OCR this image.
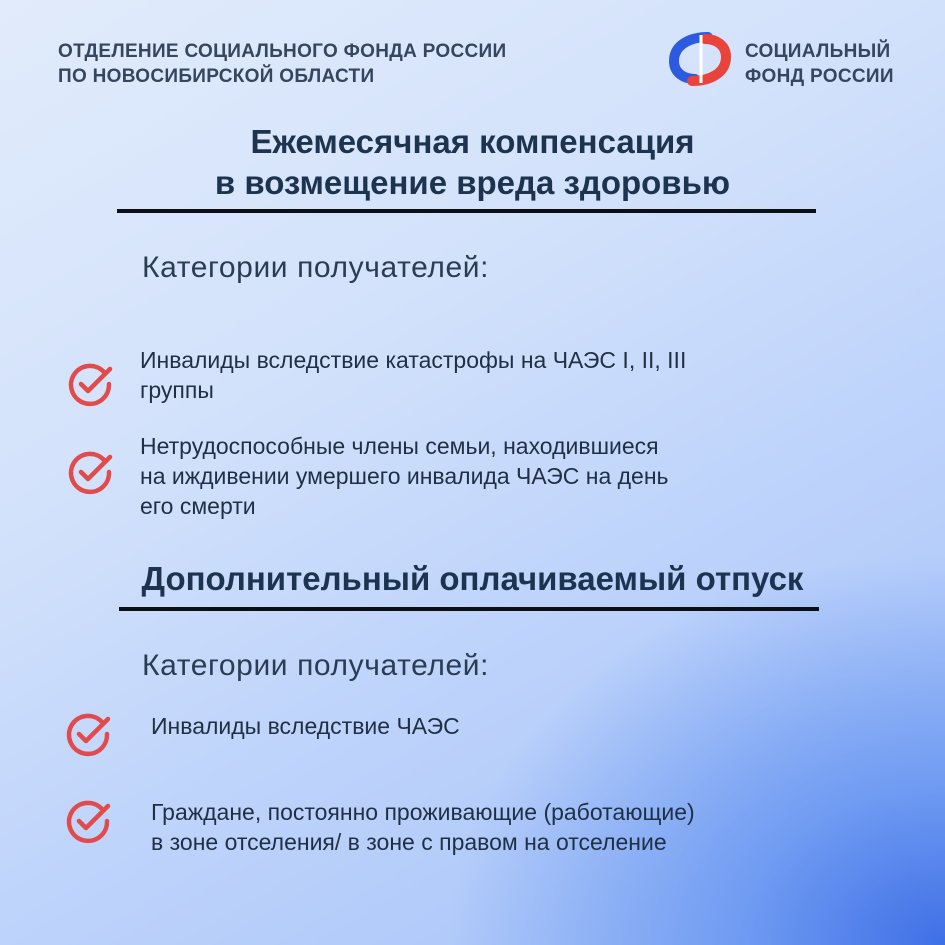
ОТДЕЛЕНИЕ СОЦИАЛЬНОГО ФОНДА РОССИИ
ПО НОВОСИБИРСКОЙ ОБЛАСТИ
СОЦИАЛЬНЫЙ
ФОНД РОССИИ
Ежемесячная компенсация
в возмещение вреда здоровью
Категории получателей:
Инвалиды вследствие катастрофы на ЧАЭС I, II, III
группы
Нетрудоспособные члены семьи, находившиеся
на иждивении умершего инвалида ЧАЭС на день
его смерти
Дополнительный оплачиваемый отпуск
Категории получателей:
Инвалиды вследствие ЧАЭС
Граждане, постоянно проживающие (работающие)
в зоне отселения/ в зоне с правом на отселение
